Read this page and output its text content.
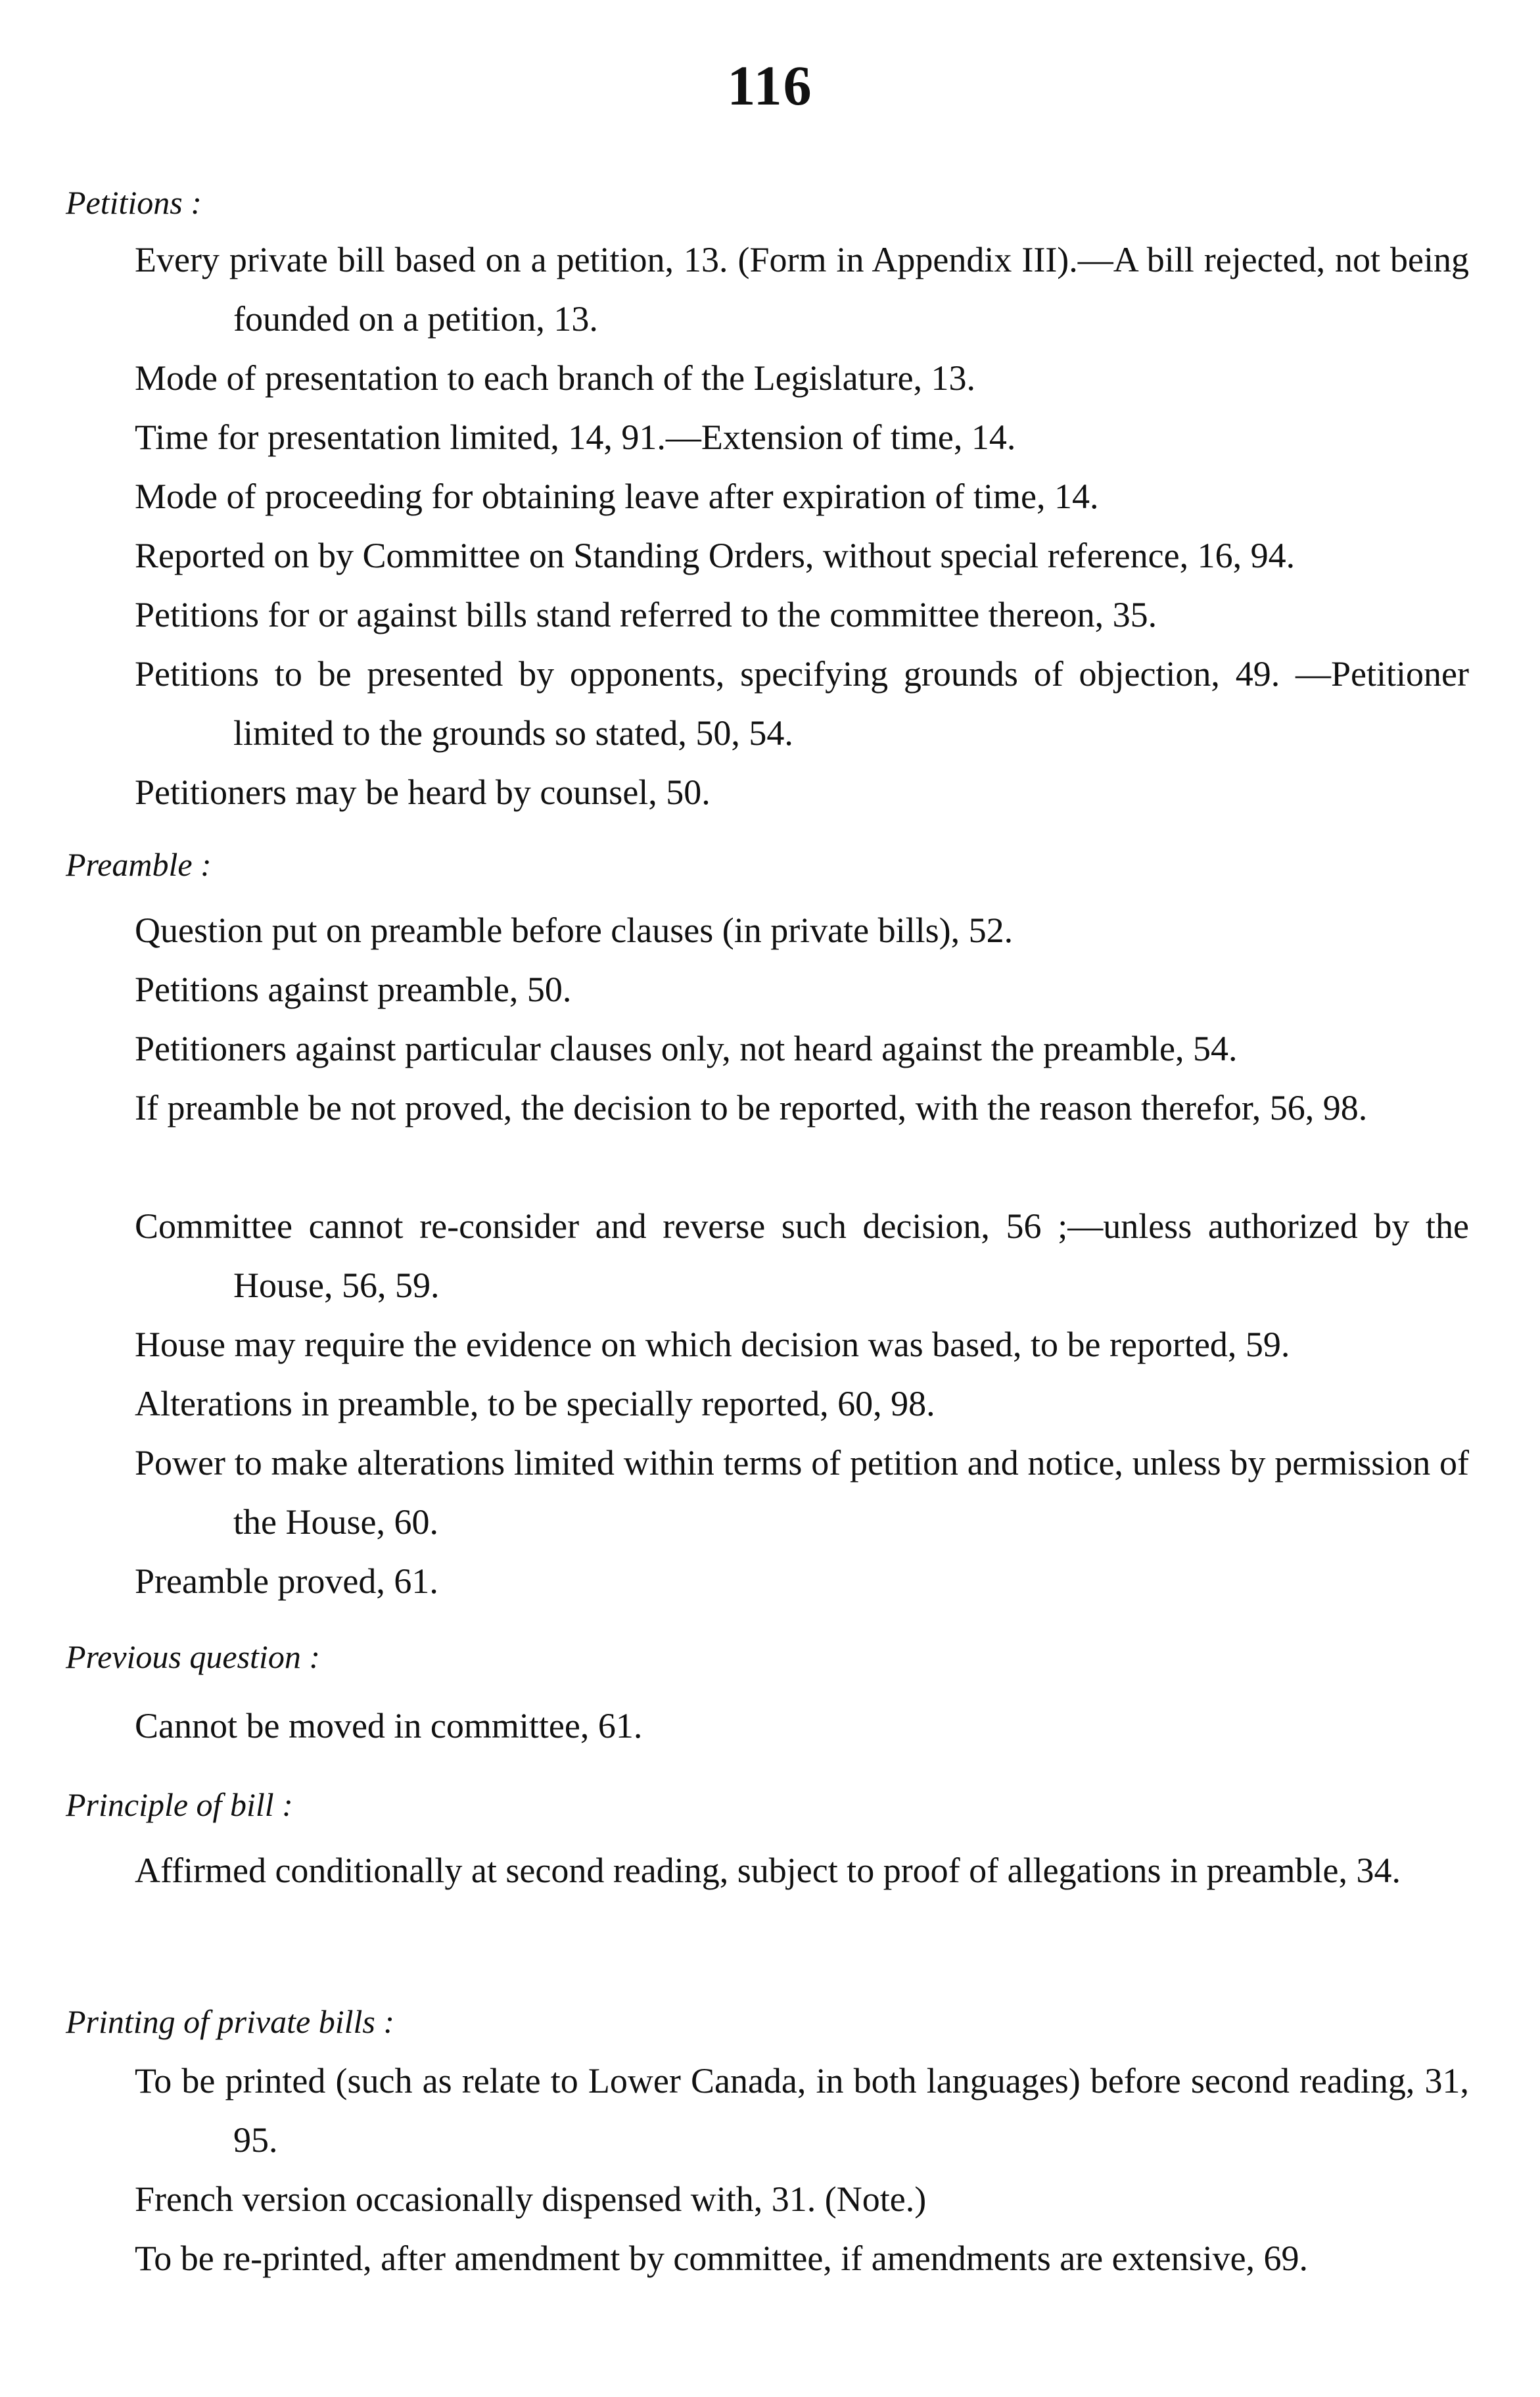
116
Petitions :
Every private bill based on a petition, 13. (Form in Appendix III).—A bill rejected, not being founded on a petition, 13.
Mode of presentation to each branch of the Legislature, 13.
Time for presentation limited, 14, 91.—Extension of time, 14.
Mode of proceeding for obtaining leave after expiration of time, 14.
Reported on by Committee on Standing Orders, without special reference, 16, 94.
Petitions for or against bills stand referred to the committee thereon, 35.
Petitions to be presented by opponents, specifying grounds of objection, 49. —Petitioner limited to the grounds so stated, 50, 54.
Petitioners may be heard by counsel, 50.
Preamble :
Question put on preamble before clauses (in private bills), 52.
Petitions against preamble, 50.
Petitioners against particular clauses only, not heard against the preamble, 54.
If preamble be not proved, the decision to be reported, with the reason therefor, 56, 98.
Committee cannot re-consider and reverse such decision, 56 ;—unless authorized by the House, 56, 59.
House may require the evidence on which decision was based, to be reported, 59.
Alterations in preamble, to be specially reported, 60, 98.
Power to make alterations limited within terms of petition and notice, unless by permission of the House, 60.
Preamble proved, 61.
Previous question :
Cannot be moved in committee, 61.
Principle of bill :
Affirmed conditionally at second reading, subject to proof of allegations in preamble, 34.
Printing of private bills :
To be printed (such as relate to Lower Canada, in both languages) before second reading, 31, 95.
French version occasionally dispensed with, 31. (Note.)
To be re-printed, after amendment by committee, if amendments are extensive, 69.
